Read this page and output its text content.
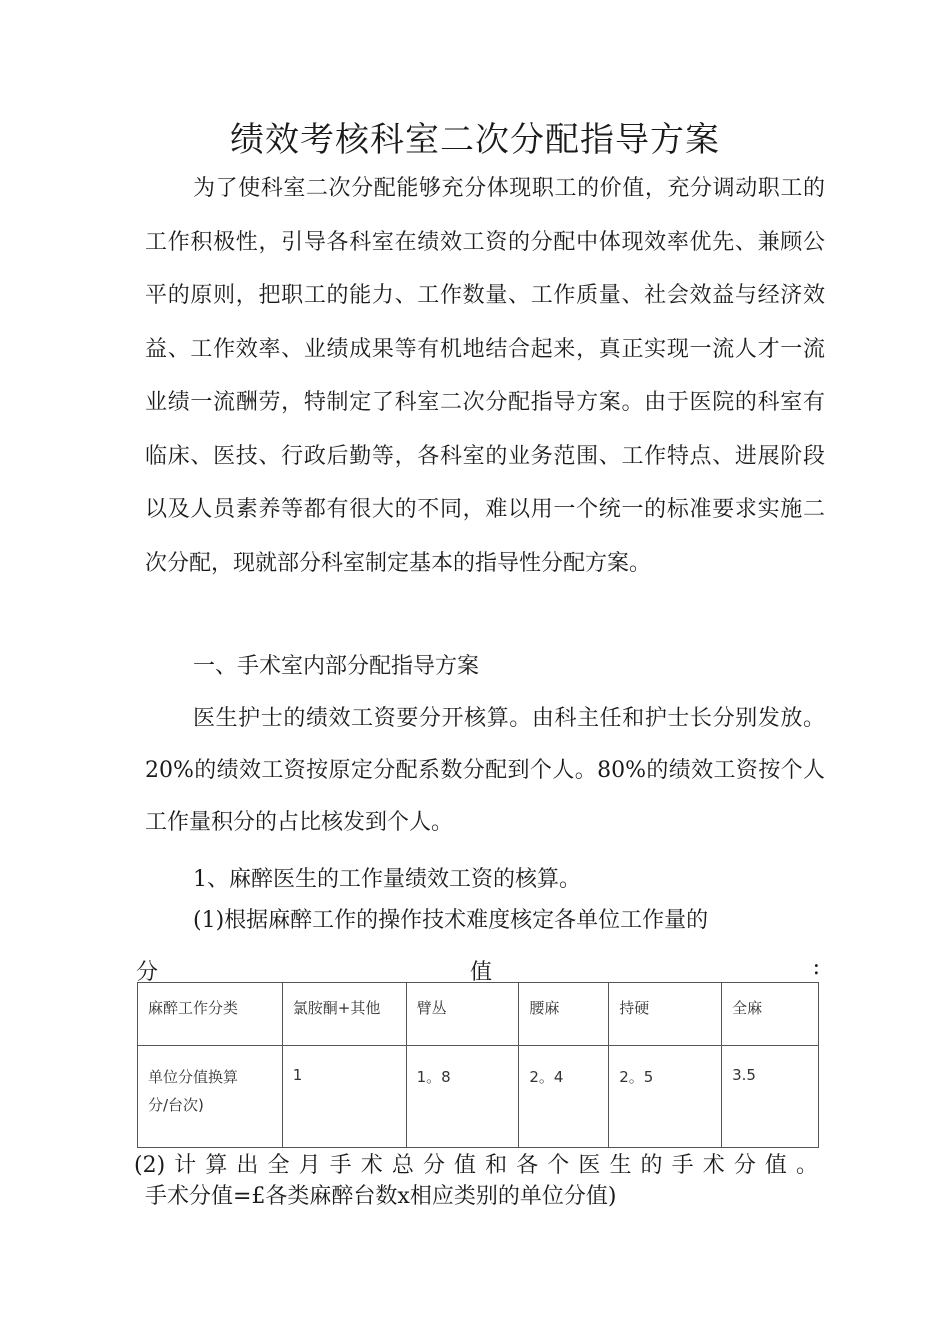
绩效考核科室二次分配指导方案

为了使科室二次分配能够充分体现职工的价值，充分调动职工的工作积极性，引导各科室在绩效工资的分配中体现效率优先、兼顾公平的原则，把职工的能力、工作数量、工作质量、社会效益与经济效益、工作效率、业绩成果等有机地结合起来，真正实现一流人才一流业绩一流酬劳，特制定了科室二次分配指导方案。由于医院的科室有临床、医技、行政后勤等，各科室的业务范围、工作特点、进展阶段以及人员素养等都有很大的不同，难以用一个统一的标准要求实施二次分配，现就部分科室制定基本的指导性分配方案。

一、手术室内部分配指导方案

医生护士的绩效工资要分开核算。由科主任和护士长分别发放。20%的绩效工资按原定分配系数分配到个人。80%的绩效工资按个人工作量积分的占比核发到个人。

1、麻醉医生的工作量绩效工资的核算。

(1)根据麻醉工作的操作技术难度核定各单位工作量的

分	值	:
麻醉工作分类	氯胺酮+其他	臂丛	腰麻	持硬	全麻

单位分值换算
分/台次)	1	1。8	2。4	2。5	3.5

(2)计算出全月手术总分值和各个医生的手术分值。

手术分值=£各类麻醉台数x相应类别的单位分值)
